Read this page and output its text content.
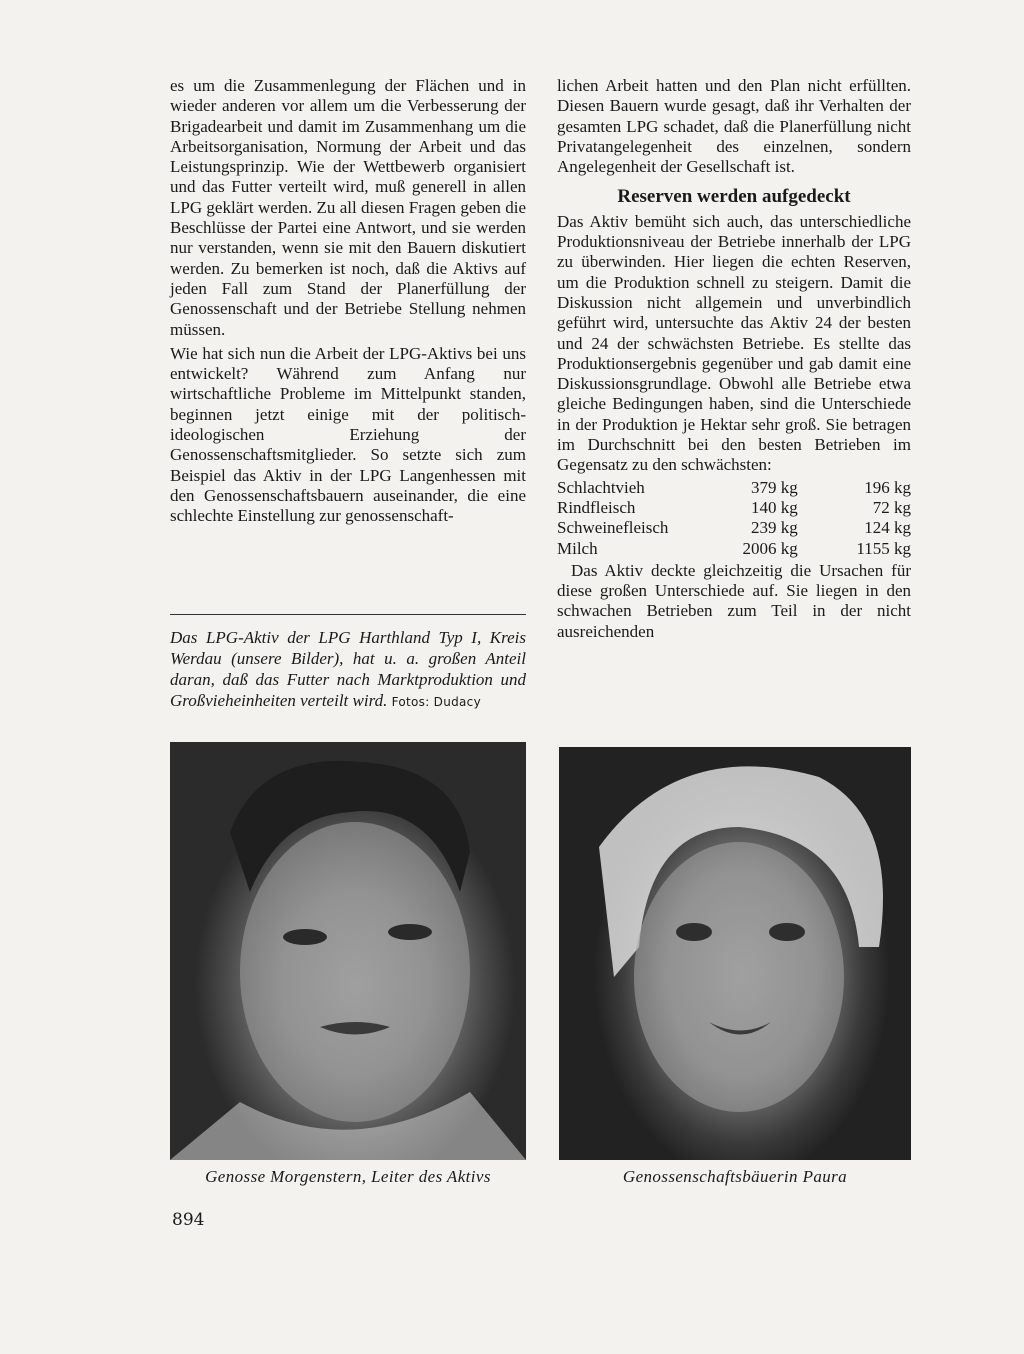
es um die Zusammenlegung der Flächen und in wieder anderen vor allem um die Verbesserung der Brigadearbeit und damit im Zusammenhang um die Arbeitsorganisation, Normung der Arbeit und das Leistungsprinzip. Wie der Wettbewerb organisiert und das Futter verteilt wird, muß generell in allen LPG geklärt werden. Zu all diesen Fragen geben die Beschlüsse der Partei eine Antwort, und sie werden nur verstanden, wenn sie mit den Bauern diskutiert werden. Zu bemerken ist noch, daß die Aktivs auf jeden Fall zum Stand der Planerfüllung der Genossenschaft und der Betriebe Stellung nehmen müssen.

Wie hat sich nun die Arbeit der LPG-Aktivs bei uns entwickelt? Während zum Anfang nur wirtschaftliche Probleme im Mittelpunkt standen, beginnen jetzt einige mit der politisch-ideologischen Erziehung der Genossenschaftsmitglieder. So setzte sich zum Beispiel das Aktiv in der LPG Langenhessen mit den Genossenschaftsbauern auseinander, die eine schlechte Einstellung zur genossenschaft-

Das LPG-Aktiv der LPG Harthland Typ I, Kreis Werdau (unsere Bilder), hat u. a. großen Anteil daran, daß das Futter nach Marktproduktion und Großvieheinheiten verteilt wird. Fotos: Dudacy

lichen Arbeit hatten und den Plan nicht erfüllten. Diesen Bauern wurde gesagt, daß ihr Verhalten der gesamten LPG schadet, daß die Planerfüllung nicht Privatangelegenheit des einzelnen, sondern Angelegenheit der Gesellschaft ist.

Reserven werden aufgedeckt

Das Aktiv bemüht sich auch, das unterschiedliche Produktionsniveau der Betriebe innerhalb der LPG zu überwinden. Hier liegen die echten Reserven, um die Produktion schnell zu steigern. Damit die Diskussion nicht allgemein und unverbindlich geführt wird, untersuchte das Aktiv 24 der besten und 24 der schwächsten Betriebe. Es stellte das Produktionsergebnis gegenüber und gab damit eine Diskussionsgrundlage. Obwohl alle Betriebe etwa gleiche Bedingungen haben, sind die Unterschiede in der Produktion je Hektar sehr groß. Sie betragen im Durchschnitt bei den besten Betrieben im Gegensatz zu den schwächsten:

Schlachtvieh	379 kg	196 kg
Rindfleisch	140 kg	72 kg
Schweinefleisch	239 kg	124 kg
Milch	2006 kg	1155 kg

Das Aktiv deckte gleichzeitig die Ursachen für diese großen Unterschiede auf. Sie liegen in den schwachen Betrieben zum Teil in der nicht ausreichenden

Genosse Morgenstern, Leiter des Aktivs	Genossenschaftsbäuerin Paura
894
